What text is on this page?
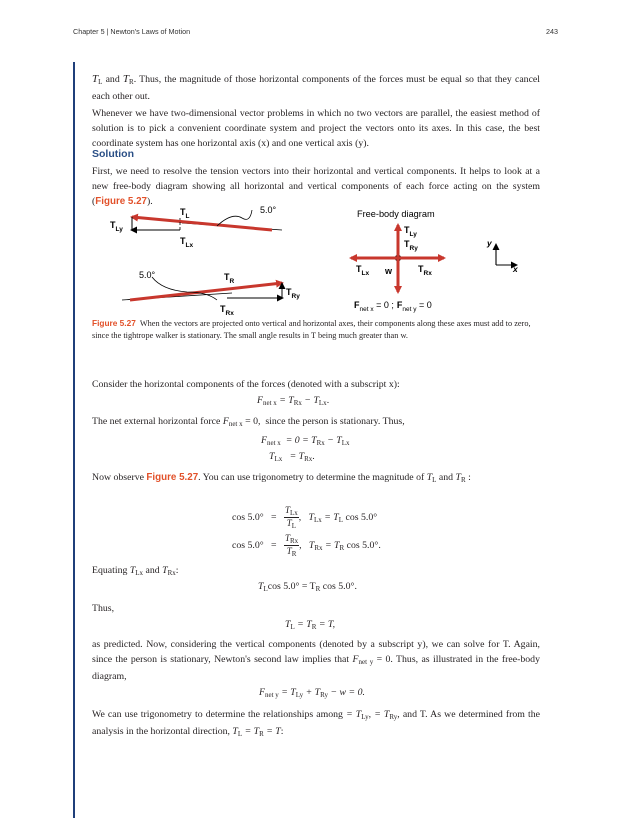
Chapter 5 | Newton's Laws of Motion	243
$T_L$ and $T_R$. Thus, the magnitude of those horizontal components of the forces must be equal so that they cancel each other out.
Whenever we have two-dimensional vector problems in which no two vectors are parallel, the easiest method of solution is to pick a convenient coordinate system and project the vectors onto its axes. In this case, the best coordinate system has one horizontal axis (x) and one vertical axis (y).
Solution
First, we need to resolve the tension vectors into their horizontal and vertical components. It helps to look at a new free-body diagram showing all horizontal and vertical components of each force acting on the system (Figure 5.27).
5.0°
$T_L$
$T_{Ly}$
$T_{Lx}$
5.0°	$T_R$
$T_{Ry}$
$T_{Rx}$
Free-body diagram
$T_{Ly}$
$T_{Ry}$
$T_{Lx}$	$T_{Rx}$
w
$F_{net x} = 0$ ; $F_{net y} = 0$
y
x
Figure 5.27 When the vectors are projected onto vertical and horizontal axes, their components along these axes must add to zero, since the tightrope walker is stationary. The small angle results in T being much greater than w.
Consider the horizontal components of the forces (denoted with a subscript x):
$F_{net x} = T_{Rx} - T_{Lx}$.
The net external horizontal force $F_{net x} = 0$, since the person is stationary. Thus,
$F_{net x} = 0 = T_{Rx} - T_{Lx}$
$T_{Lx} = T_{Rx}$.
Now observe Figure 5.27. You can use trigonometry to determine the magnitude of $T_L$ and $T_R$ :
$\cos 5.0^\circ = \frac{T_{Lx}}{T_L}$ ,   $T_{Lx} = T_L$ cos 5.0°
$\cos 5.0^\circ = \frac{T_{Rx}}{T_R}$ ,   $T_{Rx} = T_R$ cos 5.0°.
Equating $T_{Lx}$ and $T_{Rx}$:
$T_L\cos$ $5.0^\circ = T_R$ cos 5.0°.
Thus,
$T_L = T_R = T$,
as predicted. Now, considering the vertical components (denoted by a subscript y), we can solve for T. Again, since the person is stationary, Newton's second law implies that $F_{net y} = 0$. Thus, as illustrated in the free-body diagram,
$F_{net y} = T_{Ly} + T_{Ry} - w = 0$.
We can use trigonometry to determine the relationships among = $T_{Ly}$, = $T_{Ry}$, and T. As we determined from the analysis in the horizontal direction, $T_L = T_R = T$:
